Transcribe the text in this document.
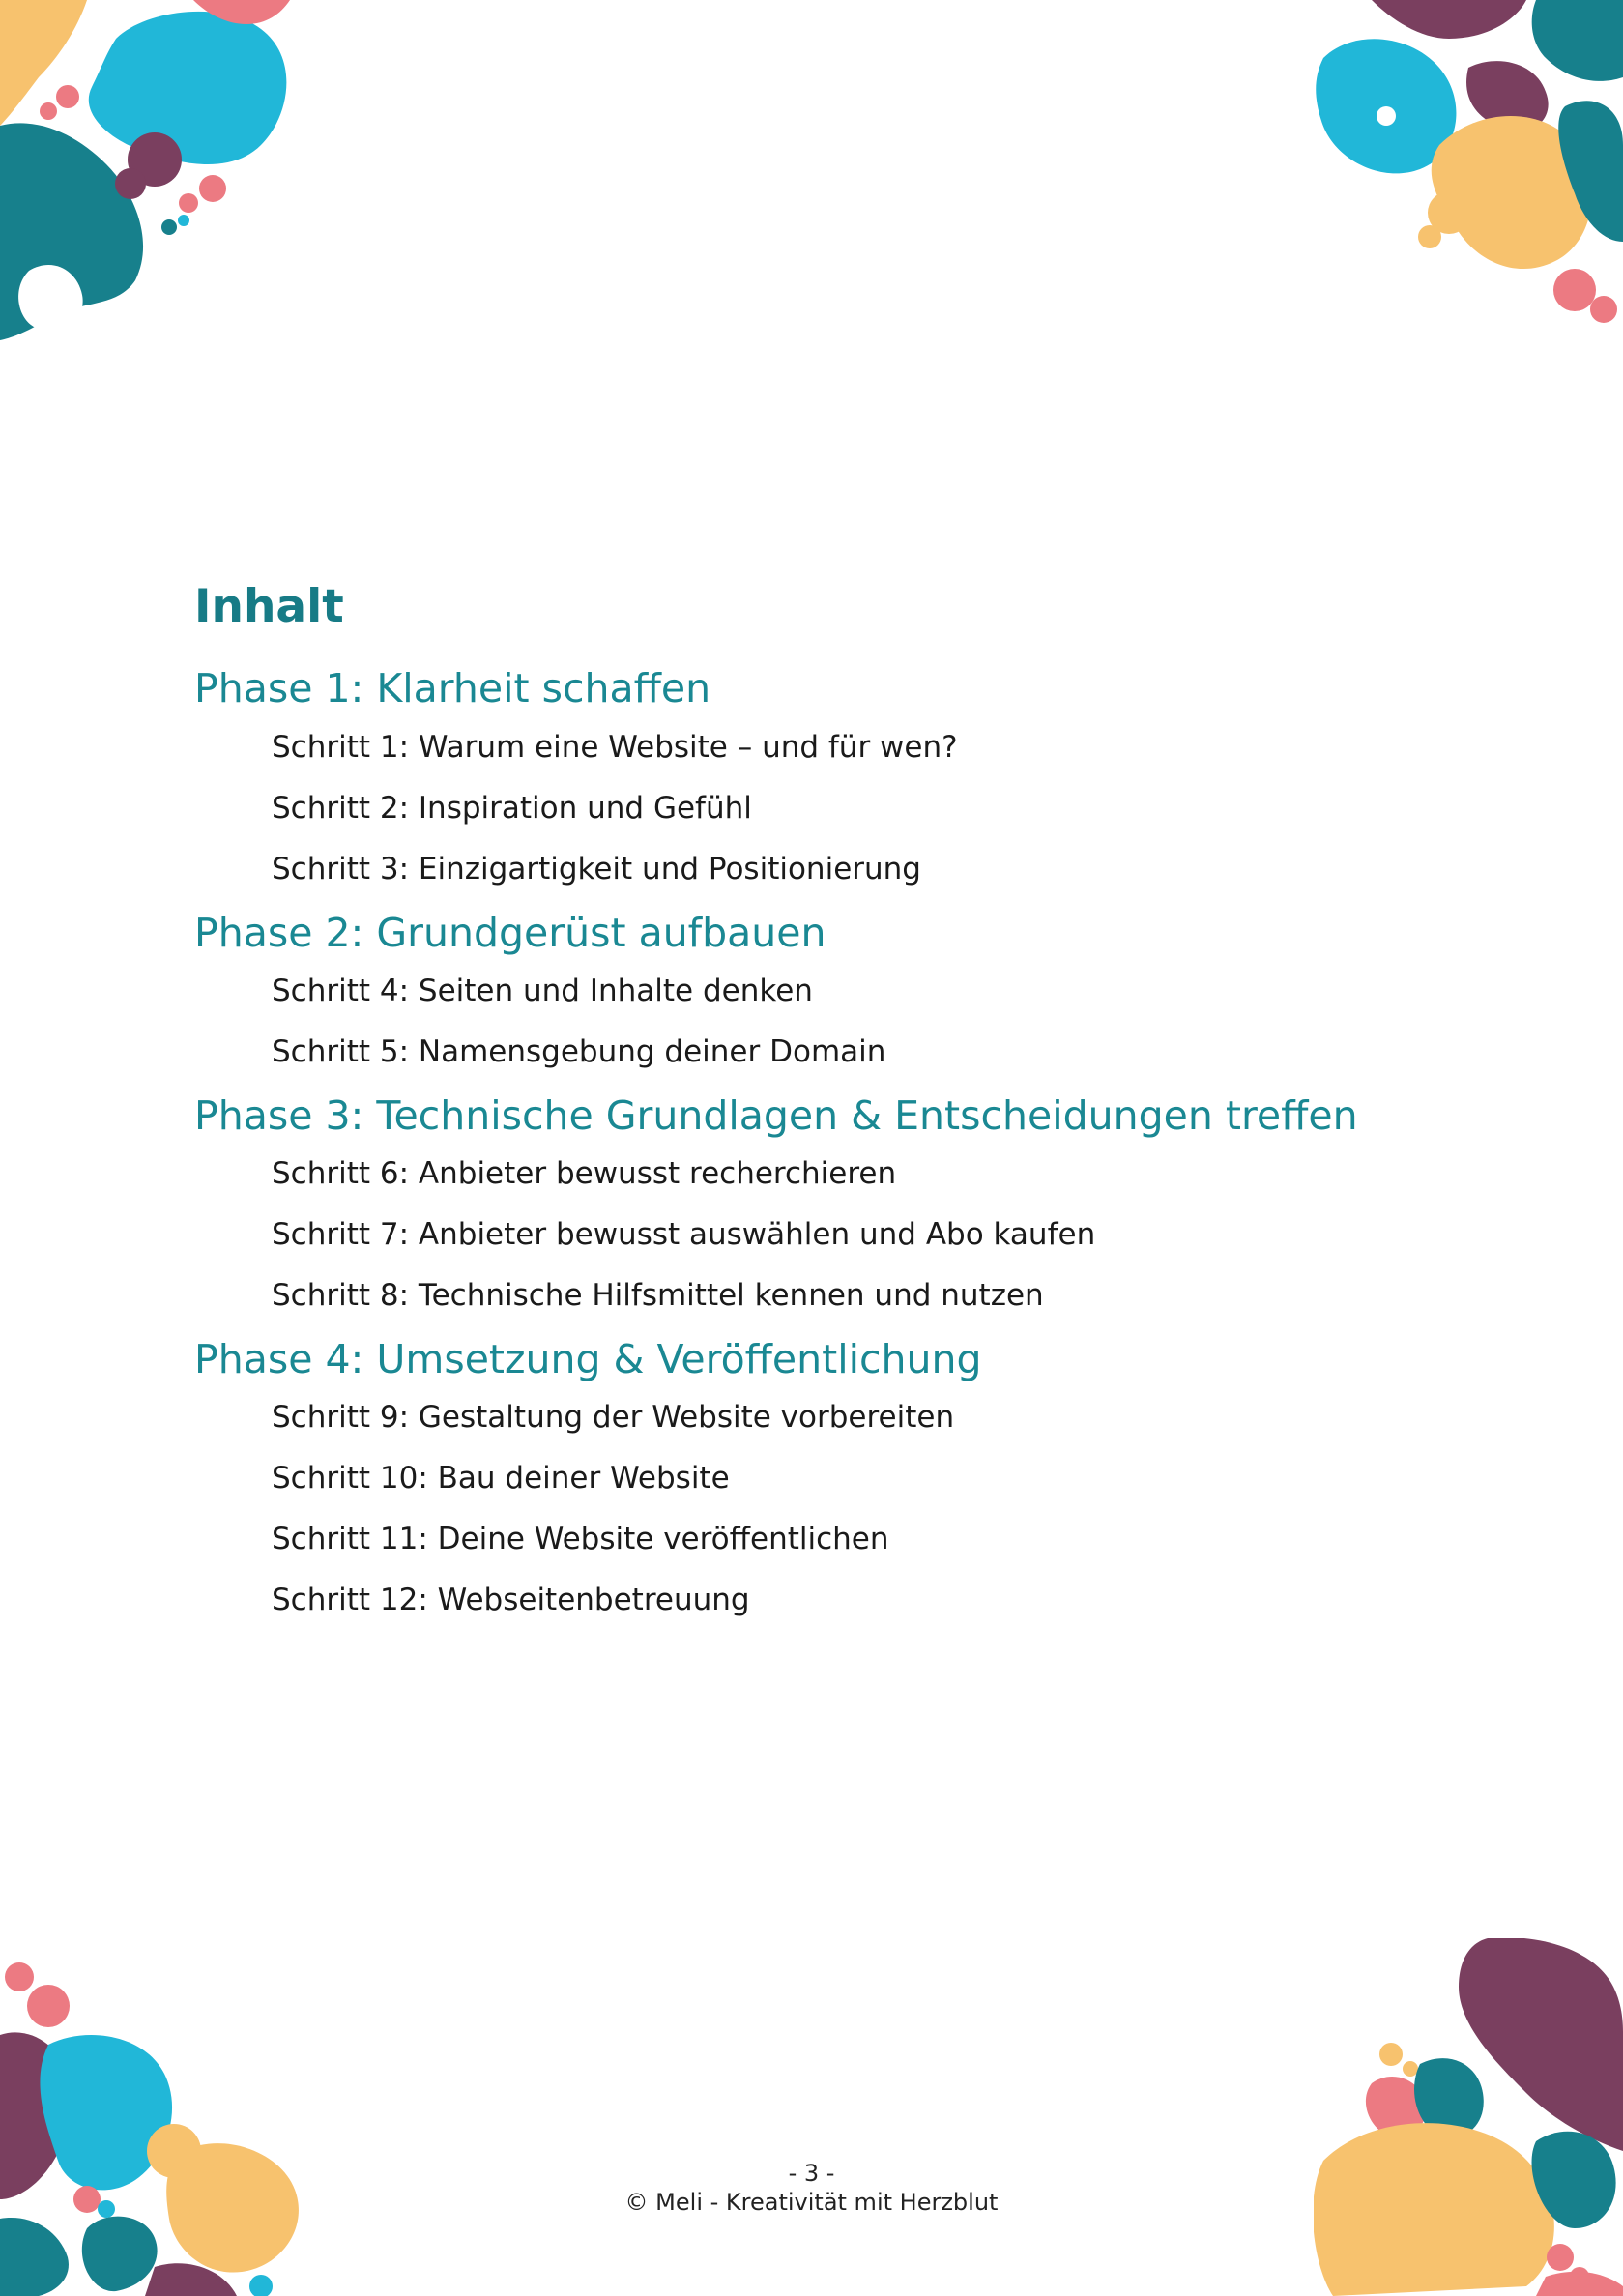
Inhalt
Phase 1: Klarheit schaffen
Schritt 1: Warum eine Website – und für wen?
Schritt 2: Inspiration und Gefühl
Schritt 3: Einzigartigkeit und Positionierung
Phase 2: Grundgerüst aufbauen
Schritt 4: Seiten und Inhalte denken
Schritt 5: Namensgebung deiner Domain
Phase 3: Technische Grundlagen & Entscheidungen treffen
Schritt 6: Anbieter bewusst recherchieren
Schritt 7: Anbieter bewusst auswählen und Abo kaufen
Schritt 8: Technische Hilfsmittel kennen und nutzen
Phase 4: Umsetzung & Veröffentlichung
Schritt 9: Gestaltung der Website vorbereiten
Schritt 10: Bau deiner Website
Schritt 11: Deine Website veröffentlichen
Schritt 12: Webseitenbetreuung
- 3 -
© Meli - Kreativität mit Herzblut
